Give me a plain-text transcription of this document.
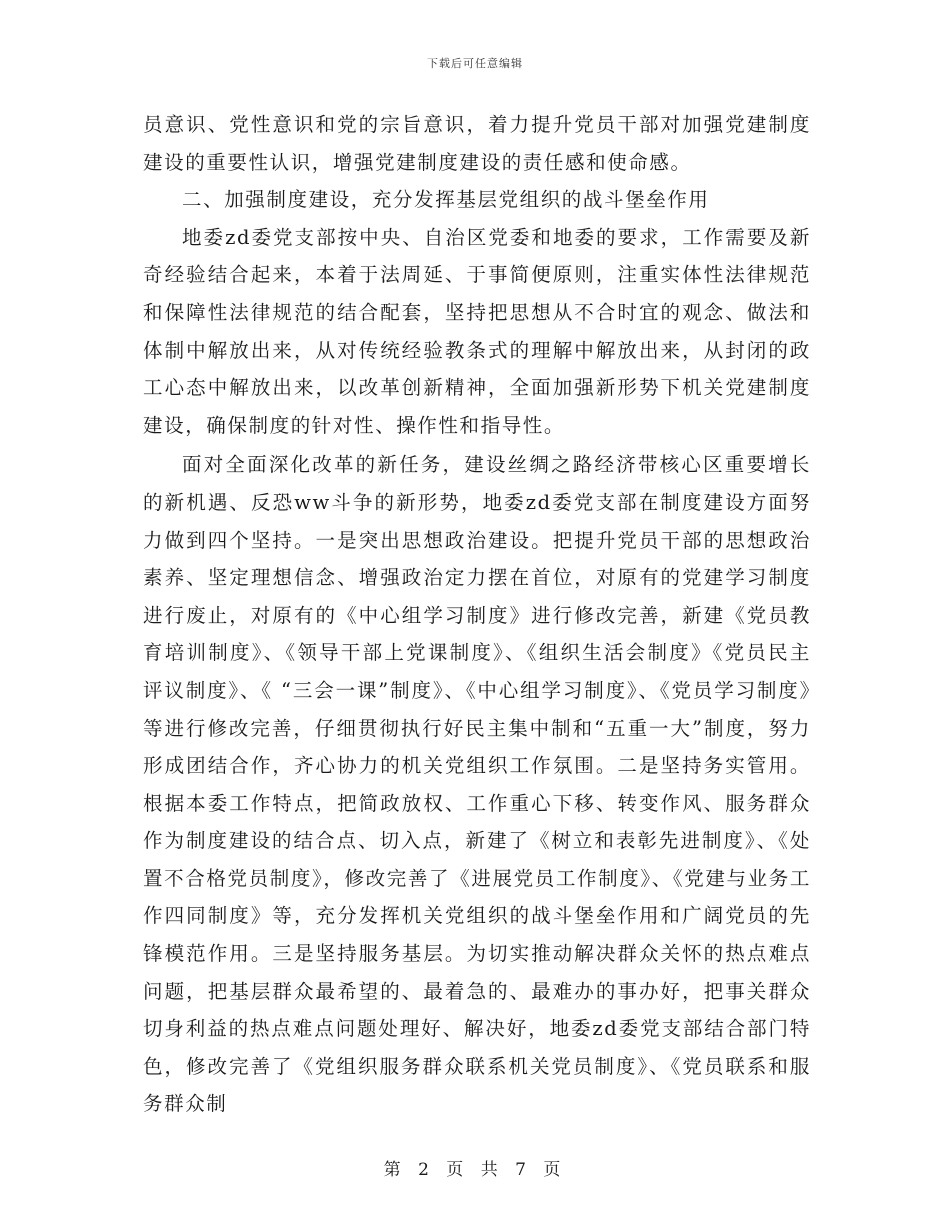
下载后可任意编辑

员意识、党性意识和党的宗旨意识，着力提升党员干部对加强党建制度建设的重要性认识，增强党建制度建设的责任感和使命感。

二、加强制度建设，充分发挥基层党组织的战斗堡垒作用

地委zd委党支部按中央、自治区党委和地委的要求，工作需要及新奇经验结合起来，本着于法周延、于事简便原则，注重实体性法律规范和保障性法律规范的结合配套，坚持把思想从不合时宜的观念、做法和体制中解放出来，从对传统经验教条式的理解中解放出来，从封闭的政工心态中解放出来，以改革创新精神，全面加强新形势下机关党建制度建设，确保制度的针对性、操作性和指导性。

面对全面深化改革的新任务，建设丝绸之路经济带核心区重要增长的新机遇、反恐ww斗争的新形势，地委zd委党支部在制度建设方面努力做到四个坚持。一是突出思想政治建设。把提升党员干部的思想政治素养、坚定理想信念、增强政治定力摆在首位，对原有的党建学习制度进行废止，对原有的《中心组学习制度》进行修改完善，新建《党员教育培训制度》、《领导干部上党课制度》、《组织生活会制度》《党员民主评议制度》、《 “三会一课”制度》、《中心组学习制度》、《党员学习制度》等进行修改完善，仔细贯彻执行好民主集中制和“五重一大”制度，努力形成团结合作，齐心协力的机关党组织工作氛围。二是坚持务实管用。根据本委工作特点，把简政放权、工作重心下移、转变作风、服务群众作为制度建设的结合点、切入点，新建了《树立和表彰先进制度》、《处置不合格党员制度》，修改完善了《进展党员工作制度》、《党建与业务工作四同制度》等，充分发挥机关党组织的战斗堡垒作用和广阔党员的先锋模范作用。三是坚持服务基层。为切实推动解决群众关怀的热点难点问题，把基层群众最希望的、最着急的、最难办的事办好，把事关群众切身利益的热点难点问题处理好、解决好，地委zd委党支部结合部门特色，修改完善了《党组织服务群众联系机关党员制度》、《党员联系和服务群众制

第 2 页 共 7 页
